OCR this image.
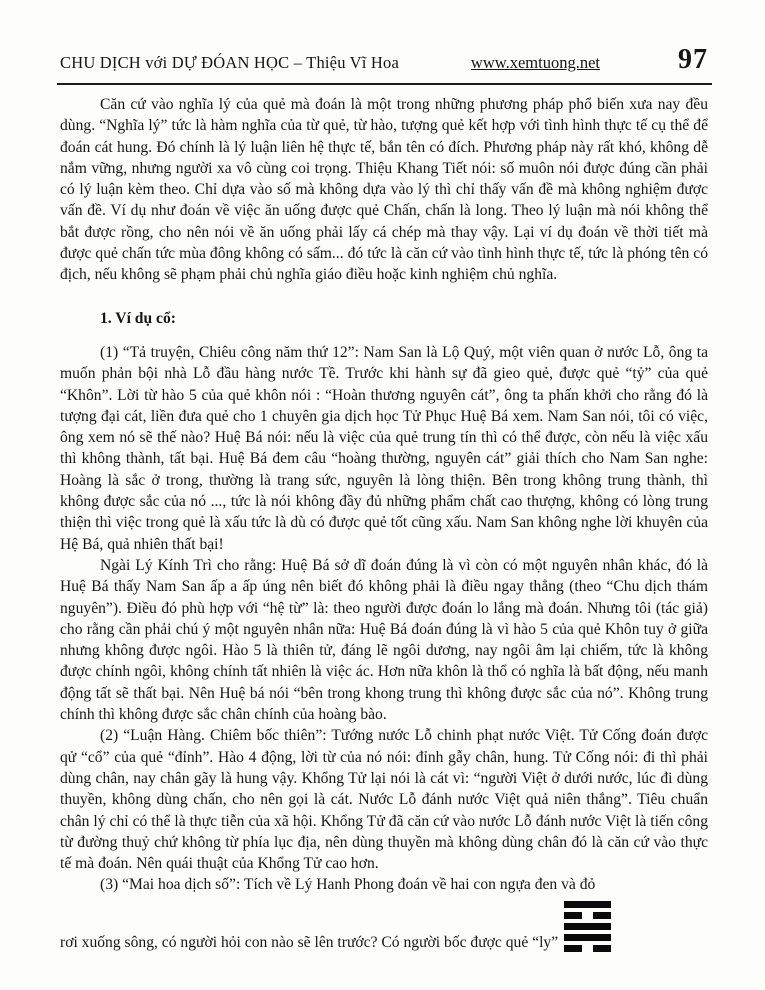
CHU DỊCH với DỰ ĐÓAN HỌC – Thiệu Vĩ Hoa	www.xemtuong.net	97

Căn cứ vào nghĩa lý của quẻ mà đoán là một trong những phương pháp phổ biến xưa nay đều dùng. “Nghĩa lý” tức là hàm nghĩa của từ quẻ, từ hào, tượng quẻ kết hợp với tình hình thực tế cụ thể để đoán cát hung. Đó chính là lý luận liên hệ thực tế, bắn tên có đích. Phương pháp này rất khó, không dễ nắm vững, nhưng người xa vô cùng coi trọng. Thiệu Khang Tiết nói: số muôn nói được đúng cần phải có lý luận kèm theo. Chỉ dựa vào số mà không dựa vào lý thì chỉ thấy vấn đề mà không nghiệm được vấn đề. Ví dụ như đoán về việc ăn uống được quẻ Chấn, chấn là long. Theo lý luận mà nói không thể bắt được rồng, cho nên nói về ăn uống phải lấy cá chép mà thay vậy. Lại ví dụ đoán về thời tiết mà được quẻ chấn tức mùa đông không có sấm... đó tức là căn cứ vào tình hình thực tế, tức là phóng tên có địch, nếu không sẽ phạm phải chủ nghĩa giáo điều hoặc kinh nghiệm chủ nghĩa.

1. Ví dụ cổ:

(1) “Tả truyện, Chiêu công năm thứ 12”: Nam San là Lộ Quý, một viên quan ở nước Lỗ, ông ta muốn phản bội nhà Lỗ đầu hàng nước Tề. Trước khi hành sự đã gieo quẻ, được quẻ “tỷ” của quẻ “Khôn”. Lời từ hào 5 của quẻ khôn nói : “Hoàn thương nguyên cát”, ông ta phấn khởi cho rằng đó là tượng đại cát, liền đưa quẻ cho 1 chuyên gia dịch học Tử Phục Huệ Bá xem. Nam San nói, tôi có việc, ông xem nó sẽ thế nào? Huệ Bá nói: nếu là việc của quẻ trung tín thì có thể được, còn nếu là việc xấu thì không thành, tất bại. Huệ Bá đem câu “hoàng thường, nguyên cát” giải thích cho Nam San nghe: Hoàng là sắc ở trong, thường là trang sức, nguyên là lòng thiện. Bên trong không trung thành, thì không được sắc của nó ..., tức là nói không đầy đủ những phẩm chất cao thượng, không có lòng trung thiện thì việc trong quẻ là xấu tức là dù có được quẻ tốt cũng xấu. Nam San không nghe lời khuyên của Hệ Bá, quả nhiên thất bại!

Ngài Lý Kính Trì cho rằng: Huệ Bá sở dĩ đoán đúng là vì còn có một nguyên nhân khác, đó là Huệ Bá thấy Nam San ấp a ấp úng nên biết đó không phải là điều ngay thẳng (theo “Chu dịch thám nguyên”). Điều đó phù hợp với “hệ từ” là: theo người được đoán lo lắng mà đoán. Nhưng tôi (tác giả) cho rằng cần phải chú ý một nguyên nhân nữa: Huệ Bá đoán đúng là vì hào 5 của quẻ Khôn tuy ở giữa nhưng không được ngôi. Hào 5 là thiên tử, đáng lẽ ngôi dương, nay ngôi âm lại chiếm, tức là không được chính ngôi, không chính tất nhiên là việc ác. Hơn nữa khôn là thổ có nghĩa là bất động, nếu manh động tất sẽ thất bại. Nên Huệ bá nói “bên trong khong trung thì không được sắc của nó”. Không trung chính thì không được sắc chân chính của hoàng bào.

(2) “Luận Hàng. Chiêm bốc thiên”: Tướng nước Lỗ chinh phạt nước Việt. Tử Cống đoán được qử “cổ” của quẻ “đỉnh”. Hào 4 động, lời từ của nó nói: đỉnh gẫy chân, hung. Tử Cống nói: đi thì phải dùng chân, nay chân gãy là hung vậy. Khổng Tử lại nói là cát vì: “người Việt ở dưới nước, lúc đi dùng thuyền, không dùng chấn, cho nên gọi là cát. Nước Lỗ đánh nước Việt quả niên thắng”. Tiêu chuẩn chân lý chỉ có thể là thực tiễn của xã hội. Khổng Tử đã căn cứ vào nước Lỗ đánh nước Việt là tiến công từ đường thuỷ chứ không từ phía lục địa, nên dùng thuyền mà không dùng chân đó là căn cứ vào thực tế mà đoán. Nên quái thuật của Khổng Tử cao hơn.

(3) “Mai hoa dịch số”: Tích về Lý Hanh Phong đoán về hai con ngựa đen và đỏ

rơi xuống sông, có người hỏi con nào sẽ lên trước? Có người bốc được quẻ “ly”
